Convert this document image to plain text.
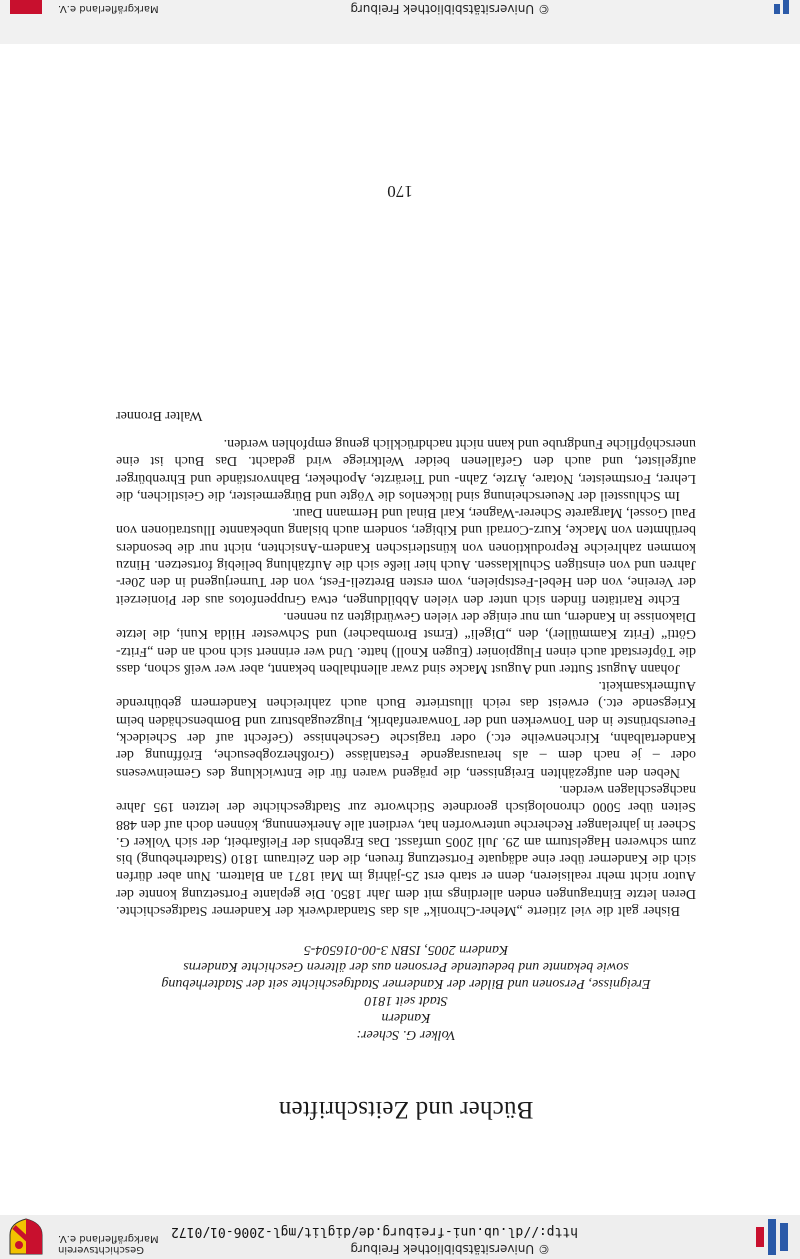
© Universitätsbibliothek Freiburg
http://dl.ub.uni-freiburg.de/diglit/mgl-2006-01/0172
Geschichtsverein
Markgräflerland e.V.
Bücher und Zeitschriften
Volker G. Scheer:
Kandern
Stadt seit 1810
Ereignisse, Personen und Bilder der Kanderner Stadtgeschichte seit der Stadterhebung
sowie bekannte und bedeutende Personen aus der älteren Geschichte Kanderns
Kandern 2005, ISBN 3-00-016504-5

Bisher galt die viel zitierte „Meher-Chronik“ als das Standardwerk der Kanderner Stadtgeschichte. Deren letzte Eintragungen enden allerdings mit dem Jahr 1850. Die geplante Fortsetzung konnte der Autor nicht mehr realisieren, denn er starb erst 25-jährig im Mai 1871 an Blattern. Nun aber dürfen sich die Kanderner über eine adäquate Fortsetzung freuen, die den Zeitraum 1810 (Stadterhebung) bis zum schweren Hagelsturm am 29. Juli 2005 umfasst. Das Ergebnis der Fleißarbeit, der sich Volker G. Scheer in jahrelanger Recherche unterworfen hat, verdient alle Anerkennung, können doch auf den 488 Seiten über 5000 chronologisch geordnete Stichworte zur Stadtgeschichte der letzten 195 Jahre nachgeschlagen werden.

Neben den aufgezählten Ereignissen, die prägend waren für die Entwicklung des Gemeinwesens oder – je nach dem – als herausragende Festanlässe (Großherzogbesuche, Eröffnung der Kandertalbahn, Kirchenweihe etc.) oder tragische Geschehnisse (Gefecht auf der Scheideck, Feuersbrünste in den Tonwerken und der Tonwarenfabrik, Flugzeugabsturz und Bombenschäden beim Kriegsende etc.) erweist das reich illustrierte Buch auch zahlreichen Kandernern gebührende Aufmerksamkeit.

Johann August Sutter und August Macke sind zwar allenthalben bekannt, aber wer weiß schon, dass die Töpferstadt auch einen Flugpionier (Eugen Knoll) hatte. Und wer erinnert sich noch an den „Fritz-Götti“ (Fritz Kammüller), den „Digeli“ (Ernst Brombacher) und Schwester Hilda Kuni, die letzte Diakonisse in Kandern, um nur einige der vielen Gewürdigten zu nennen.

Echte Raritäten finden sich unter den vielen Abbildungen, etwa Gruppenfotos aus der Pionierzeit der Vereine, von den Hebel-Festspielen, vom ersten Bretzeli-Fest, von der Turnerjugend in den 20er-Jahren und von einstigen Schulklassen. Auch hier ließe sich die Aufzählung beliebig fortsetzen. Hinzu kommen zahlreiche Reproduktionen von künstlerischen Kandern-Ansichten, nicht nur die besonders berühmten von Macke, Kurz-Corradi und Kibiger, sondern auch bislang unbekannte Illustrationen von Paul Gossel, Margarete Scherer-Wagner, Karl Binal und Hermann Daur.

Im Schlussteil der Neuerscheinung sind lückenlos die Vögte und Bürgermeister, die Geistlichen, die Lehrer, Forstmeister, Notare, Ärzte, Zahn- und Tierärzte, Apotheker, Bahnvorstände und Ehrenbürger aufgelistet, und auch den Gefallenen beider Weltkriege wird gedacht. Das Buch ist eine unerschöpfliche Fundgrube und kann nicht nachdrücklich genug empfohlen werden.

Walter Bronner
170
© Universitätsbibliothek Freiburg
Markgräflerland e.V.
